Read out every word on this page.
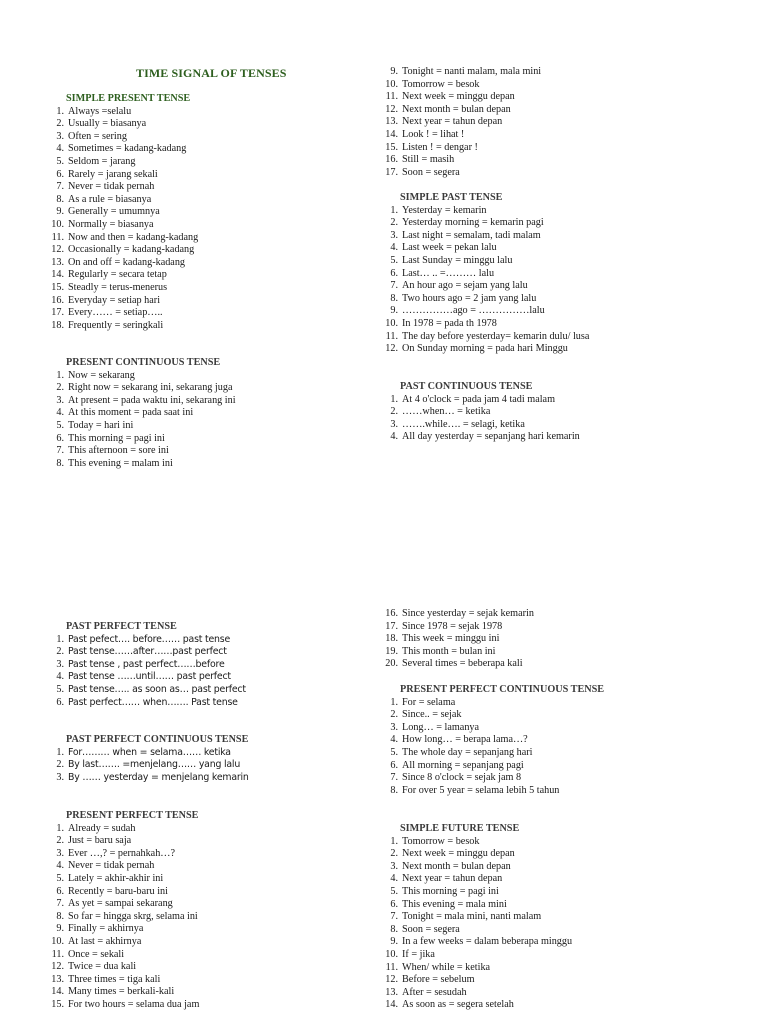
TIME SIGNAL OF TENSES
SIMPLE PRESENT TENSE
1. Always =selalu
2. Usually = biasanya
3. Often = sering
4. Sometimes = kadang-kadang
5. Seldom = jarang
6. Rarely = jarang sekali
7. Never = tidak pernah
8. As a rule = biasanya
9. Generally = umumnya
10. Normally = biasanya
11. Now and then = kadang-kadang
12. Occasionally = kadang-kadang
13. On and off = kadang-kadang
14. Regularly = secara tetap
15. Steadly = terus-menerus
16. Everyday = setiap hari
17. Every…… = setiap…..
18. Frequently = seringkali
PRESENT CONTINUOUS TENSE
1. Now = sekarang
2. Right now = sekarang ini, sekarang juga
3. At present = pada waktu ini, sekarang ini
4. At this moment = pada saat ini
5. Today = hari ini
6. This morning = pagi ini
7. This afternoon = sore ini
8. This evening = malam ini
PAST PERFECT TENSE
1. Past pefect…. before…… past tense
2. Past tense……after……past perfect
3. Past tense , past perfect……before
4. Past tense ……until…… past perfect
5. Past tense….. as soon as… past perfect
6. Past perfect…… when……. Past tense
PAST PERFECT CONTINUOUS TENSE
1. For……… when = selama…… ketika
2. By last……. =menjelang…… yang lalu
3. By …… yesterday = menjelang kemarin
PRESENT PERFECT TENSE
1. Already = sudah
2. Just = baru saja
3. Ever …,? = pernahkah…?
4. Never = tidak pernah
5. Lately = akhir-akhir ini
6. Recently = baru-baru ini
7. As yet = sampai sekarang
8. So far = hingga skrg, selama ini
9. Finally = akhirnya
10. At last = akhirnya
11. Once = sekali
12. Twice = dua kali
13. Three times = tiga kali
14. Many times = berkali-kali
15. For two hours = selama dua jam
9. Tonight = nanti malam, mala mini
10. Tomorrow = besok
11. Next week = minggu depan
12. Next month = bulan depan
13. Next year = tahun depan
14. Look ! = lihat !
15. Listen ! = dengar !
16. Still = masih
17. Soon = segera
SIMPLE PAST TENSE
1. Yesterday = kemarin
2. Yesterday morning = kemarin pagi
3. Last night = semalam, tadi malam
4. Last week = pekan lalu
5. Last Sunday = minggu lalu
6. Last… .. =……… lalu
7. An hour ago = sejam yang lalu
8. Two hours ago = 2 jam yang lalu
9. ……………ago = ……………lalu
10. In 1978 = pada th 1978
11. The day before yesterday= kemarin dulu/ lusa
12. On Sunday morning = pada hari Minggu
PAST CONTINUOUS TENSE
1. At 4 o'clock = pada jam 4 tadi malam
2. ……when… = ketika
3. …….while…. = selagi, ketika
4. All day yesterday = sepanjang hari kemarin
16. Since yesterday = sejak kemarin
17. Since 1978 = sejak 1978
18. This week = minggu ini
19. This month = bulan ini
20. Several times = beberapa kali
PRESENT PERFECT CONTINUOUS TENSE
1. For = selama
2. Since.. = sejak
3. Long… = lamanya
4. How long… = berapa lama…?
5. The whole day = sepanjang hari
6. All morning = sepanjang pagi
7. Since 8 o'clock = sejak jam 8
8. For over 5 year = selama lebih 5 tahun
SIMPLE FUTURE TENSE
1. Tomorrow = besok
2. Next week = minggu depan
3. Next month = bulan depan
4. Next year = tahun depan
5. This morning = pagi ini
6. This evening = mala mini
7. Tonight = mala mini, nanti malam
8. Soon = segera
9. In a few weeks = dalam beberapa minggu
10. If = jika
11. When/ while = ketika
12. Before = sebelum
13. After = sesudah
14. As soon as = segera setelah
